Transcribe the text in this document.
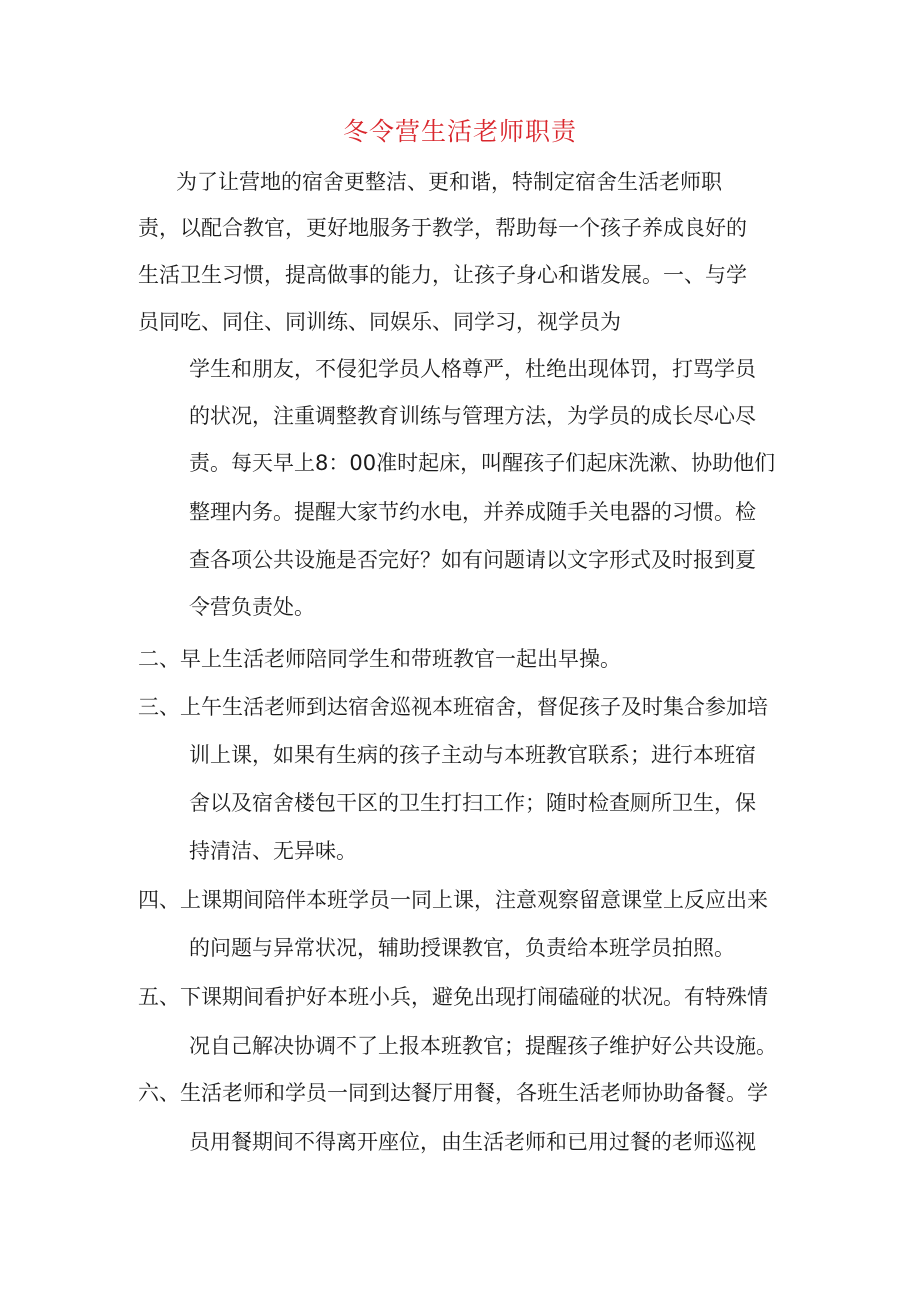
冬令营生活老师职责
为了让营地的宿舍更整洁、更和谐，特制定宿舍生活老师职
责，以配合教官，更好地服务于教学，帮助每一个孩子养成良好的
生活卫生习惯，提高做事的能力，让孩子身心和谐发展。一、与学
员同吃、同住、同训练、同娱乐、同学习，视学员为
学生和朋友，不侵犯学员人格尊严，杜绝出现体罚，打骂学员
的状况，注重调整教育训练与管理方法，为学员的成长尽心尽
责。每天早上8：00准时起床，叫醒孩子们起床洗漱、协助他们
整理内务。提醒大家节约水电，并养成随手关电器的习惯。检
查各项公共设施是否完好？如有问题请以文字形式及时报到夏
令营负责处。
二、早上生活老师陪同学生和带班教官一起出早操。
三、上午生活老师到达宿舍巡视本班宿舍，督促孩子及时集合参加培
训上课，如果有生病的孩子主动与本班教官联系；进行本班宿
舍以及宿舍楼包干区的卫生打扫工作；随时检查厕所卫生，保
持清洁、无异味。
四、上课期间陪伴本班学员一同上课，注意观察留意课堂上反应出来
的问题与异常状况，辅助授课教官，负责给本班学员拍照。
五、下课期间看护好本班小兵，避免出现打闹磕碰的状况。有特殊情
况自己解决协调不了上报本班教官；提醒孩子维护好公共设施。
六、生活老师和学员一同到达餐厅用餐，各班生活老师协助备餐。学
员用餐期间不得离开座位，由生活老师和已用过餐的老师巡视
